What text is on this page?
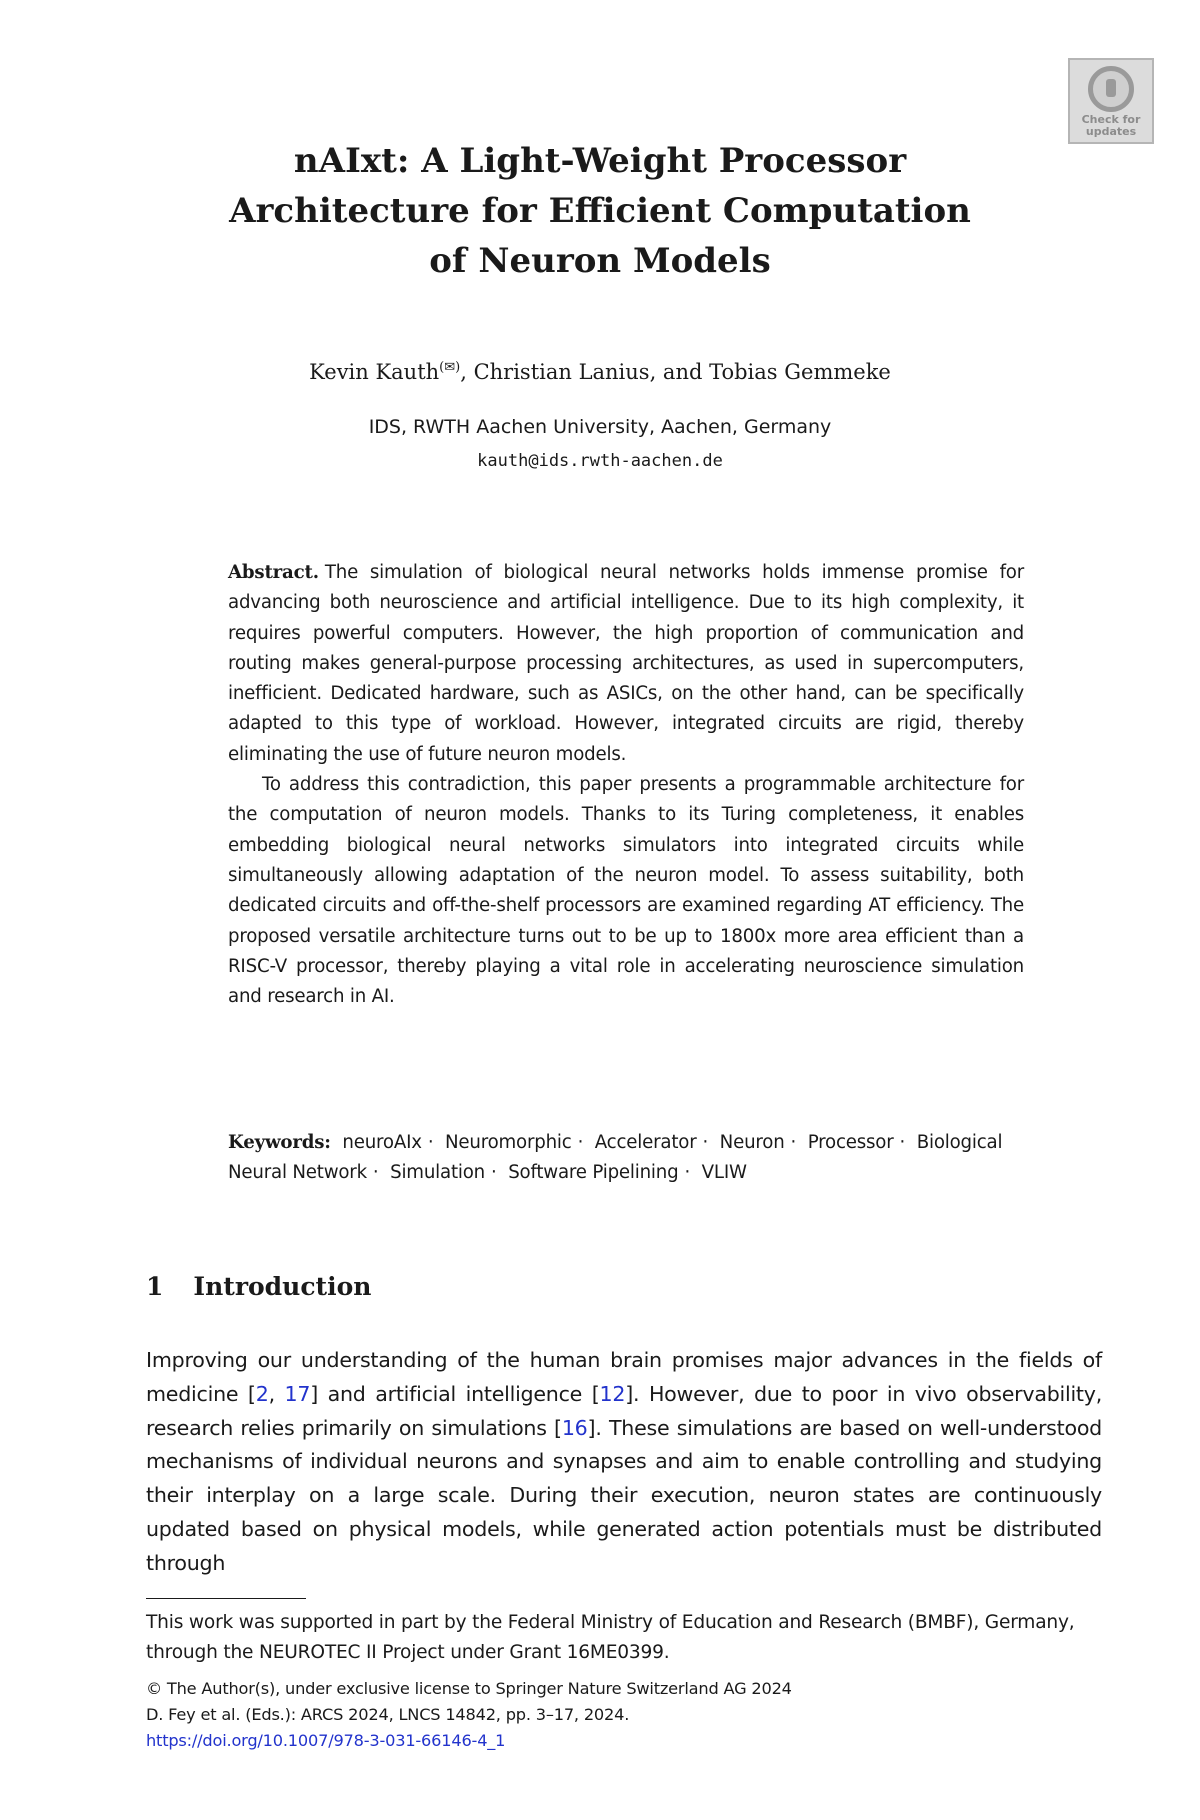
Check for
updates
nAIxt: A Light-Weight Processor
Architecture for Efficient Computation
of Neuron Models
Kevin Kauth(✉), Christian Lanius, and Tobias Gemmeke
IDS, RWTH Aachen University, Aachen, Germany
kauth@ids.rwth-aachen.de

Abstract. The simulation of biological neural networks holds immense promise for advancing both neuroscience and artificial intelligence. Due to its high complexity, it requires powerful computers. However, the high proportion of communication and routing makes general-purpose processing architectures, as used in supercomputers, inefficient. Dedicated hardware, such as ASICs, on the other hand, can be specifically adapted to this type of workload. However, integrated circuits are rigid, thereby eliminating the use of future neuron models.

To address this contradiction, this paper presents a programmable architecture for the computation of neuron models. Thanks to its Turing completeness, it enables embedding biological neural networks simulators into integrated circuits while simultaneously allowing adaptation of the neuron model. To assess suitability, both dedicated circuits and off-the-shelf processors are examined regarding AT efficiency. The proposed versatile architecture turns out to be up to 1800x more area efficient than a RISC-V processor, thereby playing a vital role in accelerating neuroscience simulation and research in AI.

Keywords: neuroAIx · Neuromorphic · Accelerator · Neuron · Processor · Biological Neural Network · Simulation · Software Pipelining · VLIW
1 Introduction

Improving our understanding of the human brain promises major advances in the fields of medicine [2, 17] and artificial intelligence [12]. However, due to poor in vivo observability, research relies primarily on simulations [16]. These simulations are based on well-understood mechanisms of individual neurons and synapses and aim to enable controlling and studying their interplay on a large scale. During their execution, neuron states are continuously updated based on physical models, while generated action potentials must be distributed through

This work was supported in part by the Federal Ministry of Education and Research (BMBF), Germany, through the NEUROTEC II Project under Grant 16ME0399.

© The Author(s), under exclusive license to Springer Nature Switzerland AG 2024
D. Fey et al. (Eds.): ARCS 2024, LNCS 14842, pp. 3–17, 2024.
https://doi.org/10.1007/978-3-031-66146-4_1
